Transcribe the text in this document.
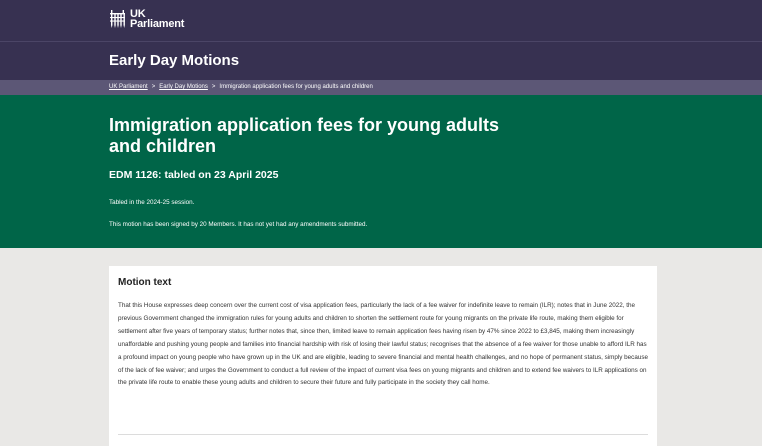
UK
Parliament
Early Day Motions
UK Parliament > Early Day Motions > Immigration application fees for young adults and children
Immigration application fees for young adults and children
EDM 1126: tabled on 23 April 2025
Tabled in the 2024-25 session.
This motion has been signed by 20 Members. It has not yet had any amendments submitted.
Motion text

That this House expresses deep concern over the current cost of visa application fees, particularly the lack of a fee waiver for indefinite leave to remain (ILR); notes that in June 2022, the previous Government changed the immigration rules for young adults and children to shorten the settlement route for young migrants on the private life route, making them eligible for settlement after five years of temporary status; further notes that, since then, limited leave to remain application fees having risen by 47% since 2022 to £3,845, making them increasingly unaffordable and pushing young people and families into financial hardship with risk of losing their lawful status; recognises that the absence of a fee waiver for those unable to afford ILR has a profound impact on young people who have grown up in the UK and are eligible, leading to severe financial and mental health challenges, and no hope of permanent status, simply because of the lack of fee waiver; and urges the Government to conduct a full review of the impact of current visa fees on young migrants and children and to extend fee waivers to ILR applications on the private life route to enable these young adults and children to secure their future and fully participate in the society they call home.
